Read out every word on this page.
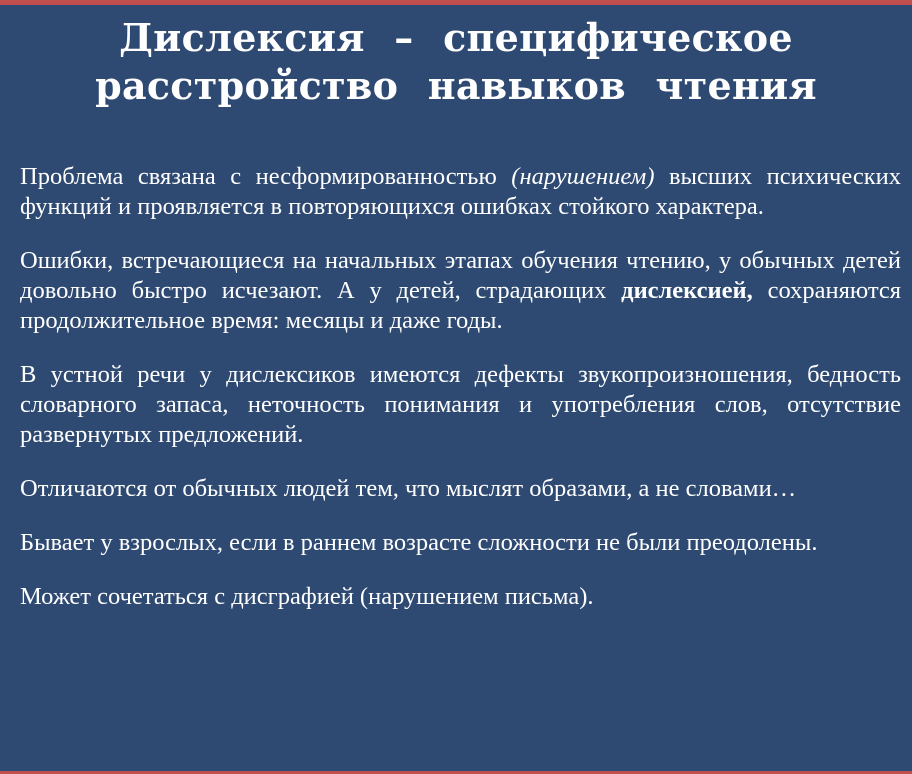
Дислексия – специфическое
расстройство навыков чтения

Проблема связана с несформированностью (нарушением) высших психических функций и проявляется в повторяющихся ошибках стойкого характера.

Ошибки, встречающиеся на начальных этапах обучения чтению, у обычных детей довольно быстро исчезают. А у детей, страдающих дислексией, сохраняются продолжительное время: месяцы и даже годы.

В устной речи у дислексиков имеются дефекты звукопроизношения, бедность словарного запаса, неточность понимания и употребления слов, отсутствие развернутых предложений.

Отличаются от обычных людей тем, что мыслят образами, а не словами…

Бывает у взрослых, если в раннем возрасте сложности не были преодолены.

Может сочетаться с дисграфией (нарушением письма).
